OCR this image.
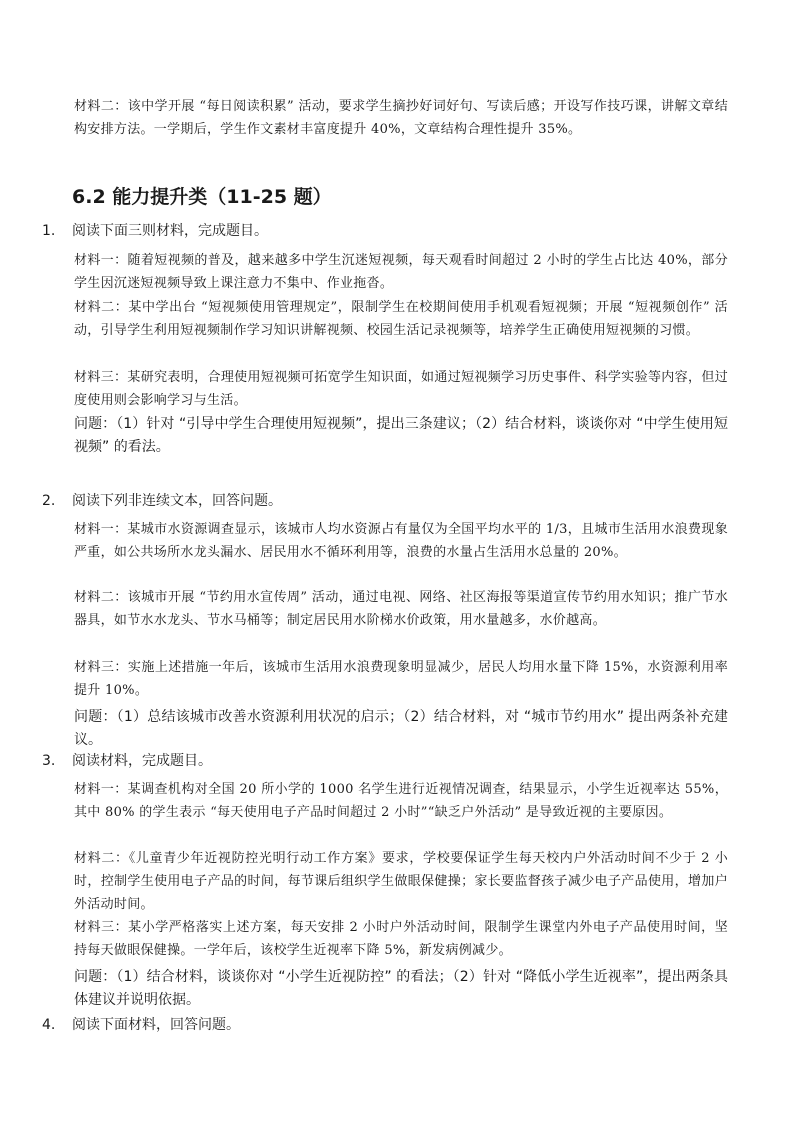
材料二：该中学开展 “每日阅读积累” 活动，要求学生摘抄好词好句、写读后感；开设写作技巧课，讲解文章结构安排方法。一学期后，学生作文素材丰富度提升 40%，文章结构合理性提升 35%。

6.2 能力提升类（11-25 题）

1. 阅读下面三则材料，完成题目。

材料一：随着短视频的普及，越来越多中学生沉迷短视频，每天观看时间超过 2 小时的学生占比达 40%，部分学生因沉迷短视频导致上课注意力不集中、作业拖沓。

材料二：某中学出台 “短视频使用管理规定”，限制学生在校期间使用手机观看短视频；开展 “短视频创作” 活动，引导学生利用短视频制作学习知识讲解视频、校园生活记录视频等，培养学生正确使用短视频的习惯。

材料三：某研究表明，合理使用短视频可拓宽学生知识面，如通过短视频学习历史事件、科学实验等内容，但过度使用则会影响学习与生活。

问题：（1）针对 “引导中学生合理使用短视频”，提出三条建议；（2）结合材料，谈谈你对 “中学生使用短视频” 的看法。

2. 阅读下列非连续文本，回答问题。

材料一：某城市水资源调查显示，该城市人均水资源占有量仅为全国平均水平的 1/3，且城市生活用水浪费现象严重，如公共场所水龙头漏水、居民用水不循环利用等，浪费的水量占生活用水总量的 20%。

材料二：该城市开展 “节约用水宣传周” 活动，通过电视、网络、社区海报等渠道宣传节约用水知识；推广节水器具，如节水水龙头、节水马桶等；制定居民用水阶梯水价政策，用水量越多，水价越高。

材料三：实施上述措施一年后，该城市生活用水浪费现象明显减少，居民人均用水量下降 15%，水资源利用率提升 10%。

问题：（1）总结该城市改善水资源利用状况的启示；（2）结合材料，对 “城市节约用水” 提出两条补充建议。

3. 阅读材料，完成题目。

材料一：某调查机构对全国 20 所小学的 1000 名学生进行近视情况调查，结果显示，小学生近视率达 55%，其中 80% 的学生表示 “每天使用电子产品时间超过 2 小时”“缺乏户外活动” 是导致近视的主要原因。

材料二：《儿童青少年近视防控光明行动工作方案》要求，学校要保证学生每天校内户外活动时间不少于 2 小时，控制学生使用电子产品的时间，每节课后组织学生做眼保健操；家长要监督孩子减少电子产品使用，增加户外活动时间。

材料三：某小学严格落实上述方案，每天安排 2 小时户外活动时间，限制学生课堂内外电子产品使用时间，坚持每天做眼保健操。一学年后，该校学生近视率下降 5%，新发病例减少。

问题：（1）结合材料，谈谈你对 “小学生近视防控” 的看法；（2）针对 “降低小学生近视率”，提出两条具体建议并说明依据。

4. 阅读下面材料，回答问题。
